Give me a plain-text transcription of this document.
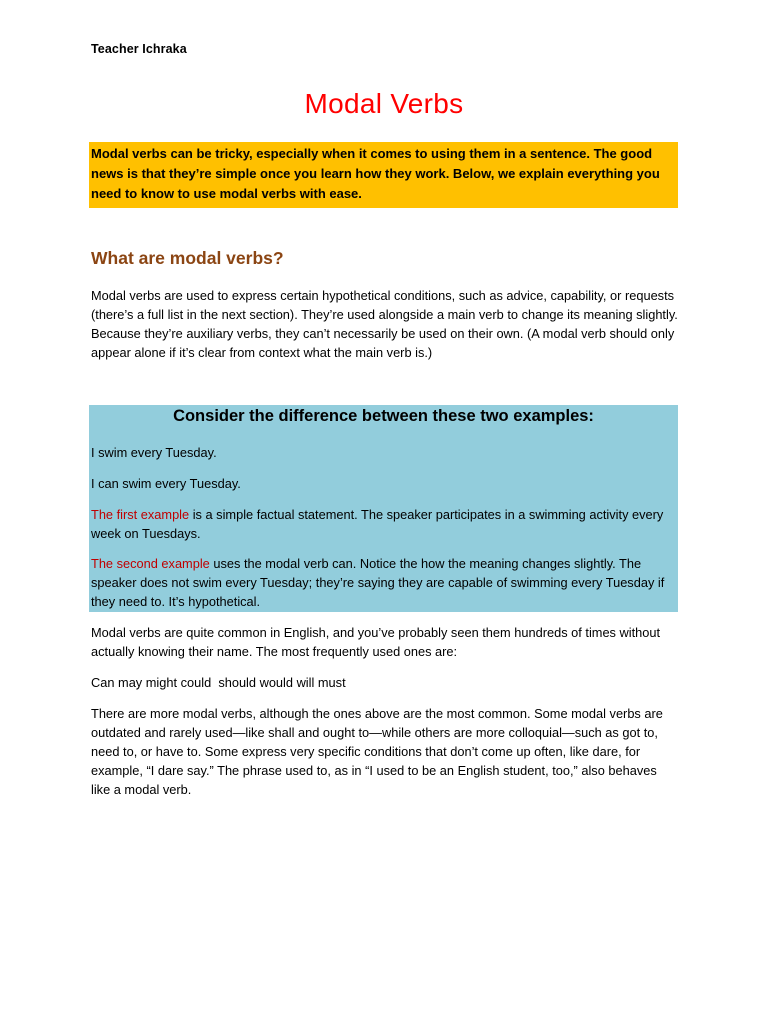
Teacher Ichraka
Modal Verbs
Modal verbs can be tricky, especially when it comes to using them in a sentence. The good news is that they’re simple once you learn how they work. Below, we explain everything you need to know to use modal verbs with ease.
What are modal verbs?

Modal verbs are used to express certain hypothetical conditions, such as advice, capability, or requests (there’s a full list in the next section). They’re used alongside a main verb to change its meaning slightly. Because they’re auxiliary verbs, they can’t necessarily be used on their own. (A modal verb should only appear alone if it’s clear from context what the main verb is.)

Consider the difference between these two examples:

I swim every Tuesday.

I can swim every Tuesday.

The first example is a simple factual statement. The speaker participates in a swimming activity every week on Tuesdays.

The second example uses the modal verb can. Notice the how the meaning changes slightly. The speaker does not swim every Tuesday; they’re saying they are capable of swimming every Tuesday if they need to. It’s hypothetical.

Modal verbs are quite common in English, and you’ve probably seen them hundreds of times without actually knowing their name. The most frequently used ones are:

Can may might could  should would will must

There are more modal verbs, although the ones above are the most common. Some modal verbs are outdated and rarely used—like shall and ought to—while others are more colloquial—such as got to, need to, or have to. Some express very specific conditions that don’t come up often, like dare, for example, “I dare say.” The phrase used to, as in “I used to be an English student, too,” also behaves like a modal verb.
